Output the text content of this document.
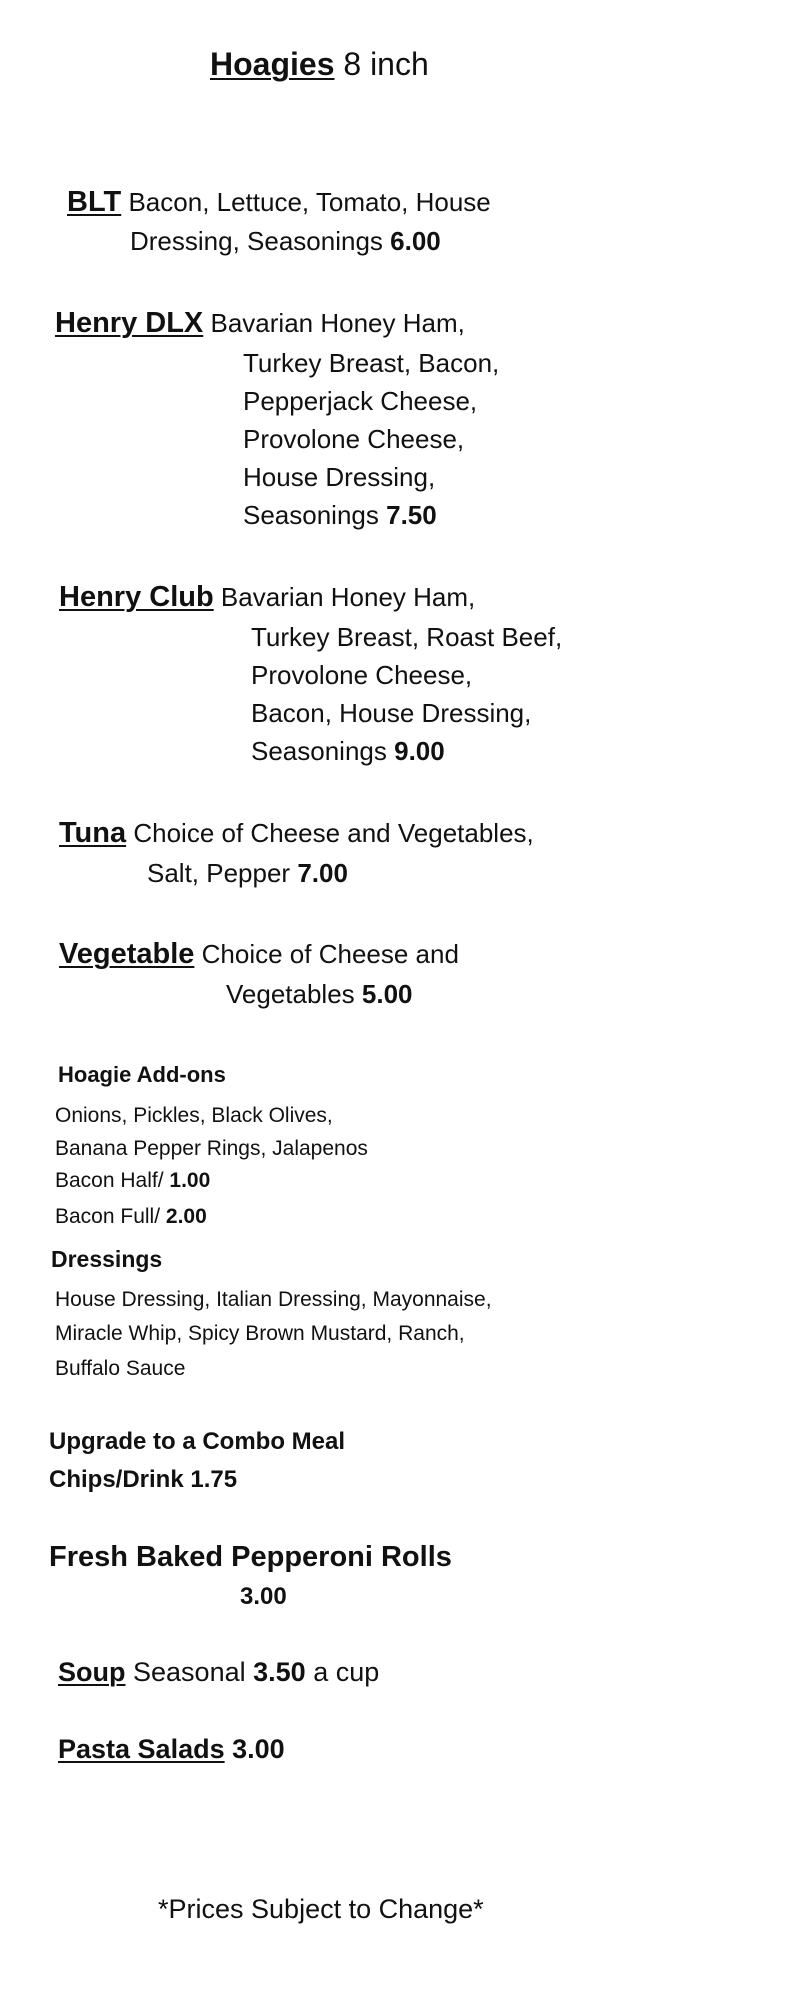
Hoagies 8 inch
BLT Bacon, Lettuce, Tomato, House
Dressing, Seasonings 6.00
Henry DLX Bavarian Honey Ham,
Turkey Breast, Bacon,
Pepperjack Cheese,
Provolone Cheese,
House Dressing,
Seasonings 7.50
Henry Club Bavarian Honey Ham,
Turkey Breast, Roast Beef,
Provolone Cheese,
Bacon, House Dressing,
Seasonings 9.00
Tuna Choice of Cheese and Vegetables,
Salt, Pepper 7.00
Vegetable Choice of Cheese and
Vegetables 5.00
Hoagie Add-ons
Onions, Pickles, Black Olives,
Banana Pepper Rings, Jalapenos
Bacon Half/ 1.00
Bacon Full/ 2.00
Dressings
House Dressing, Italian Dressing, Mayonnaise,
Miracle Whip, Spicy Brown Mustard, Ranch,
Buffalo Sauce
Upgrade to a Combo Meal
Chips/Drink 1.75
Fresh Baked Pepperoni Rolls
3.00
Soup Seasonal 3.50 a cup
Pasta Salads 3.00
*Prices Subject to Change*
